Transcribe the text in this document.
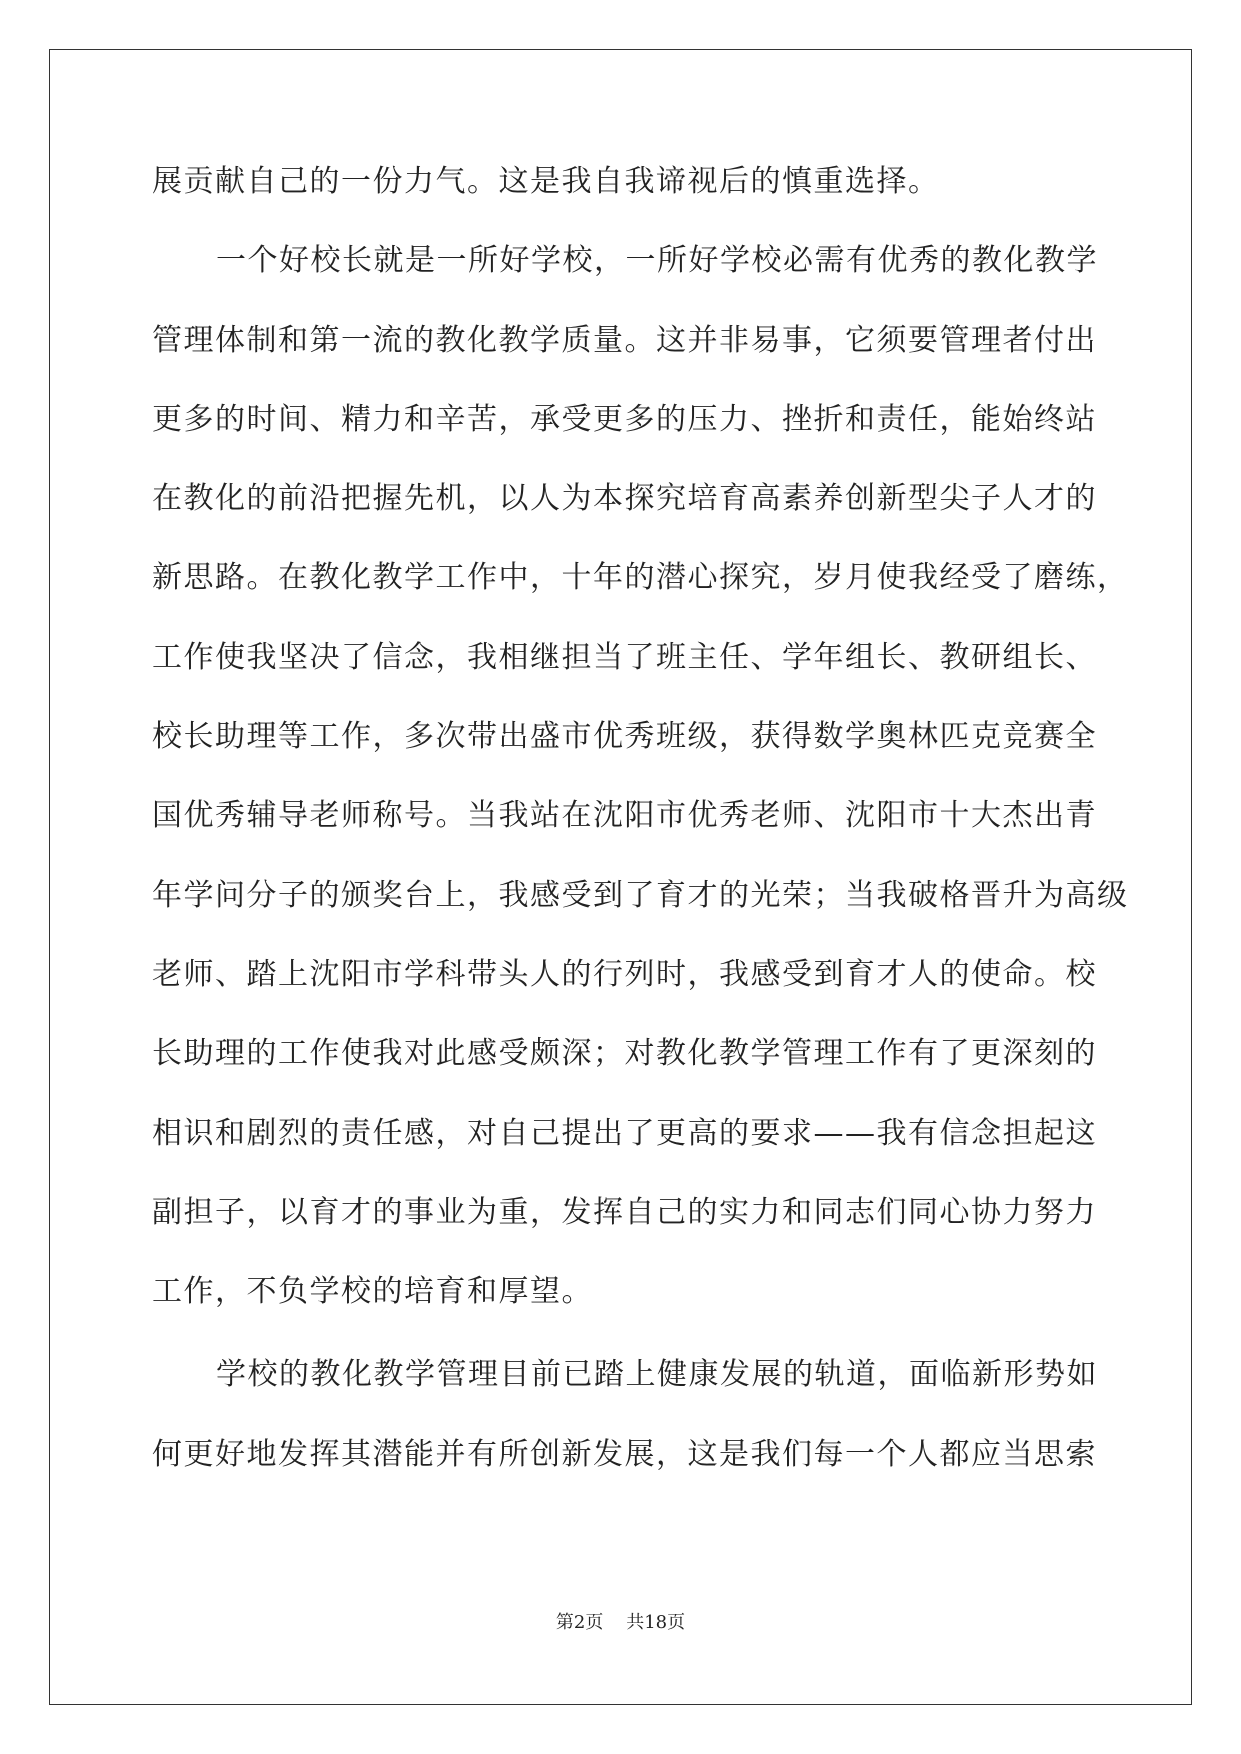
展贡献自己的一份力气。这是我自我谛视后的慎重选择。
一个好校长就是一所好学校，一所好学校必需有优秀的教化教学
管理体制和第一流的教化教学质量。这并非易事，它须要管理者付出
更多的时间、精力和辛苦，承受更多的压力、挫折和责任，能始终站
在教化的前沿把握先机，以人为本探究培育高素养创新型尖子人才的
新思路。在教化教学工作中，十年的潜心探究，岁月使我经受了磨练，
工作使我坚决了信念，我相继担当了班主任、学年组长、教研组长、
校长助理等工作，多次带出盛市优秀班级，获得数学奥林匹克竞赛全
国优秀辅导老师称号。当我站在沈阳市优秀老师、沈阳市十大杰出青
年学问分子的颁奖台上，我感受到了育才的光荣；当我破格晋升为高级
老师、踏上沈阳市学科带头人的行列时，我感受到育才人的使命。校
长助理的工作使我对此感受颇深；对教化教学管理工作有了更深刻的
相识和剧烈的责任感，对自己提出了更高的要求——我有信念担起这
副担子，以育才的事业为重，发挥自己的实力和同志们同心协力努力
工作，不负学校的培育和厚望。
学校的教化教学管理目前已踏上健康发展的轨道，面临新形势如
何更好地发挥其潜能并有所创新发展，这是我们每一个人都应当思索
第2页 共18页
